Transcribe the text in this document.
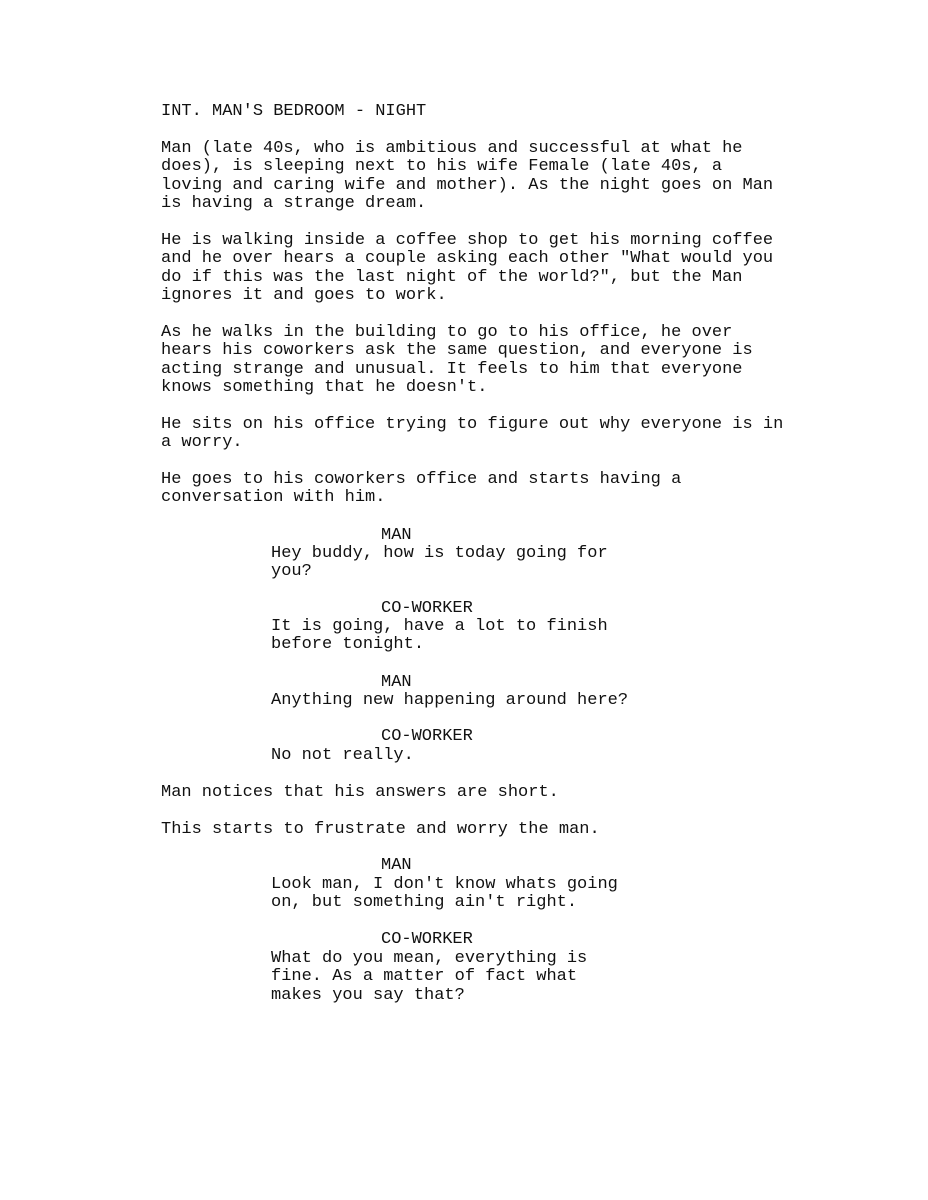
INT. MAN'S BEDROOM - NIGHT
Man (late 40s, who is ambitious and successful at what he
does), is sleeping next to his wife Female (late 40s, a
loving and caring wife and mother). As the night goes on Man
is having a strange dream.
He is walking inside a coffee shop to get his morning coffee
and he over hears a couple asking each other "What would you
do if this was the last night of the world?", but the Man
ignores it and goes to work.
As he walks in the building to go to his office, he over
hears his coworkers ask the same question, and everyone is
acting strange and unusual. It feels to him that everyone
knows something that he doesn't.
He sits on his office trying to figure out why everyone is in
a worry.
He goes to his coworkers office and starts having a
conversation with him.
MAN
Hey buddy, how is today going for
you?
CO-WORKER
It is going, have a lot to finish
before tonight.
MAN
Anything new happening around here?
CO-WORKER
No not really.
Man notices that his answers are short.
This starts to frustrate and worry the man.
MAN
Look man, I don't know whats going
on, but something ain't right.
CO-WORKER
What do you mean, everything is
fine. As a matter of fact what
makes you say that?
